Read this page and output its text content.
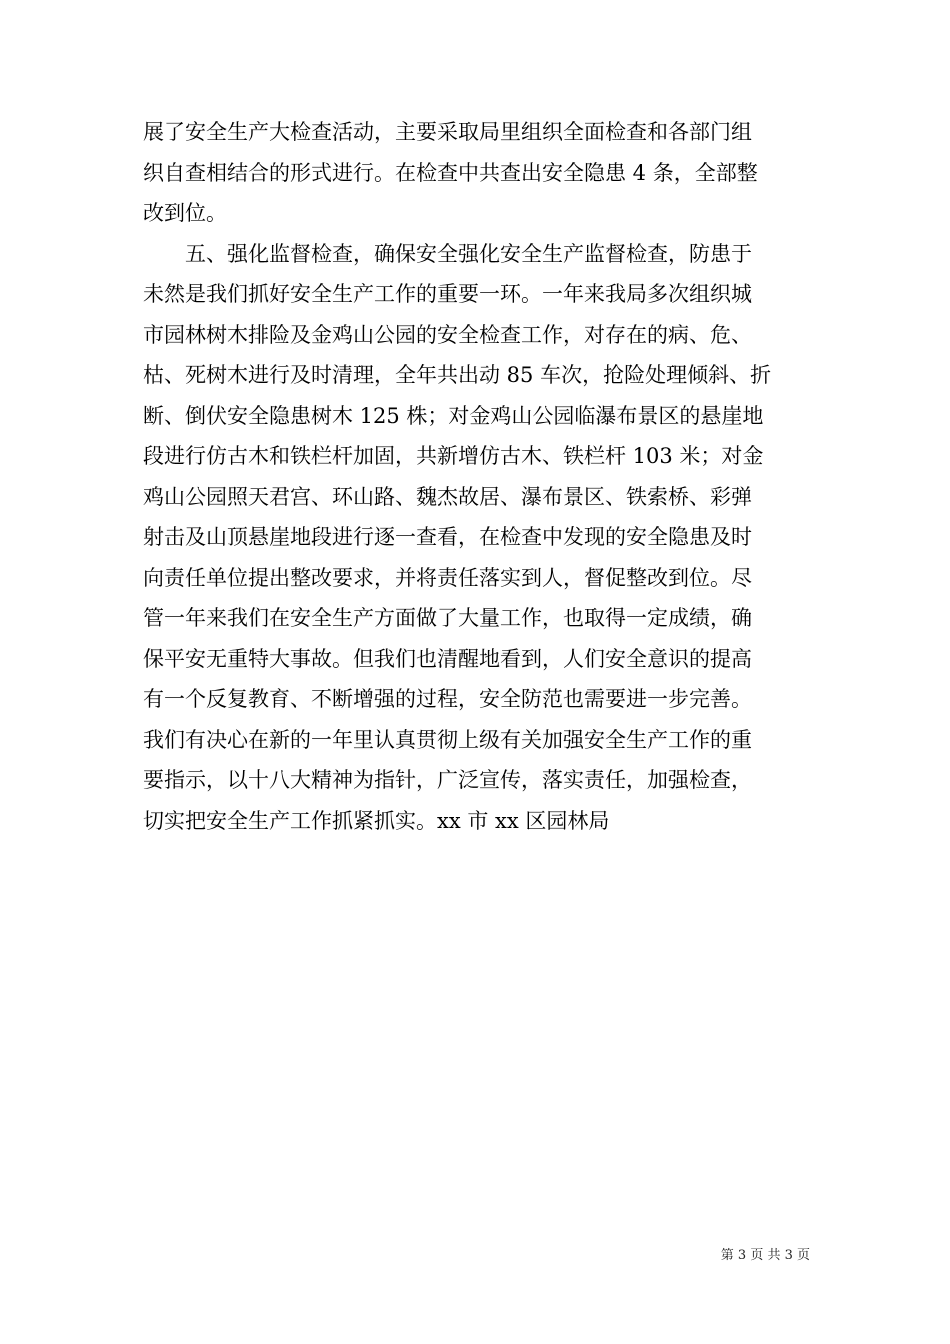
展了安全生产大检查活动，主要采取局里组织全面检查和各部门组
织自查相结合的形式进行。在检查中共查出安全隐患 4 条，全部整
改到位。
　　五、强化监督检查，确保安全强化安全生产监督检查，防患于
未然是我们抓好安全生产工作的重要一环。一年来我局多次组织城
市园林树木排险及金鸡山公园的安全检查工作，对存在的病、危、
枯、死树木进行及时清理，全年共出动 85 车次，抢险处理倾斜、折
断、倒伏安全隐患树木 125 株；对金鸡山公园临瀑布景区的悬崖地
段进行仿古木和铁栏杆加固，共新增仿古木、铁栏杆 103 米；对金
鸡山公园照天君宫、环山路、魏杰故居、瀑布景区、铁索桥、彩弹
射击及山顶悬崖地段进行逐一查看，在检查中发现的安全隐患及时
向责任单位提出整改要求，并将责任落实到人，督促整改到位。尽
管一年来我们在安全生产方面做了大量工作，也取得一定成绩，确
保平安无重特大事故。但我们也清醒地看到，人们安全意识的提高
有一个反复教育、不断增强的过程，安全防范也需要进一步完善。
我们有决心在新的一年里认真贯彻上级有关加强安全生产工作的重
要指示，以十八大精神为指针，广泛宣传，落实责任，加强检查，
切实把安全生产工作抓紧抓实。xx 市 xx 区园林局
第 3 页 共 3 页
